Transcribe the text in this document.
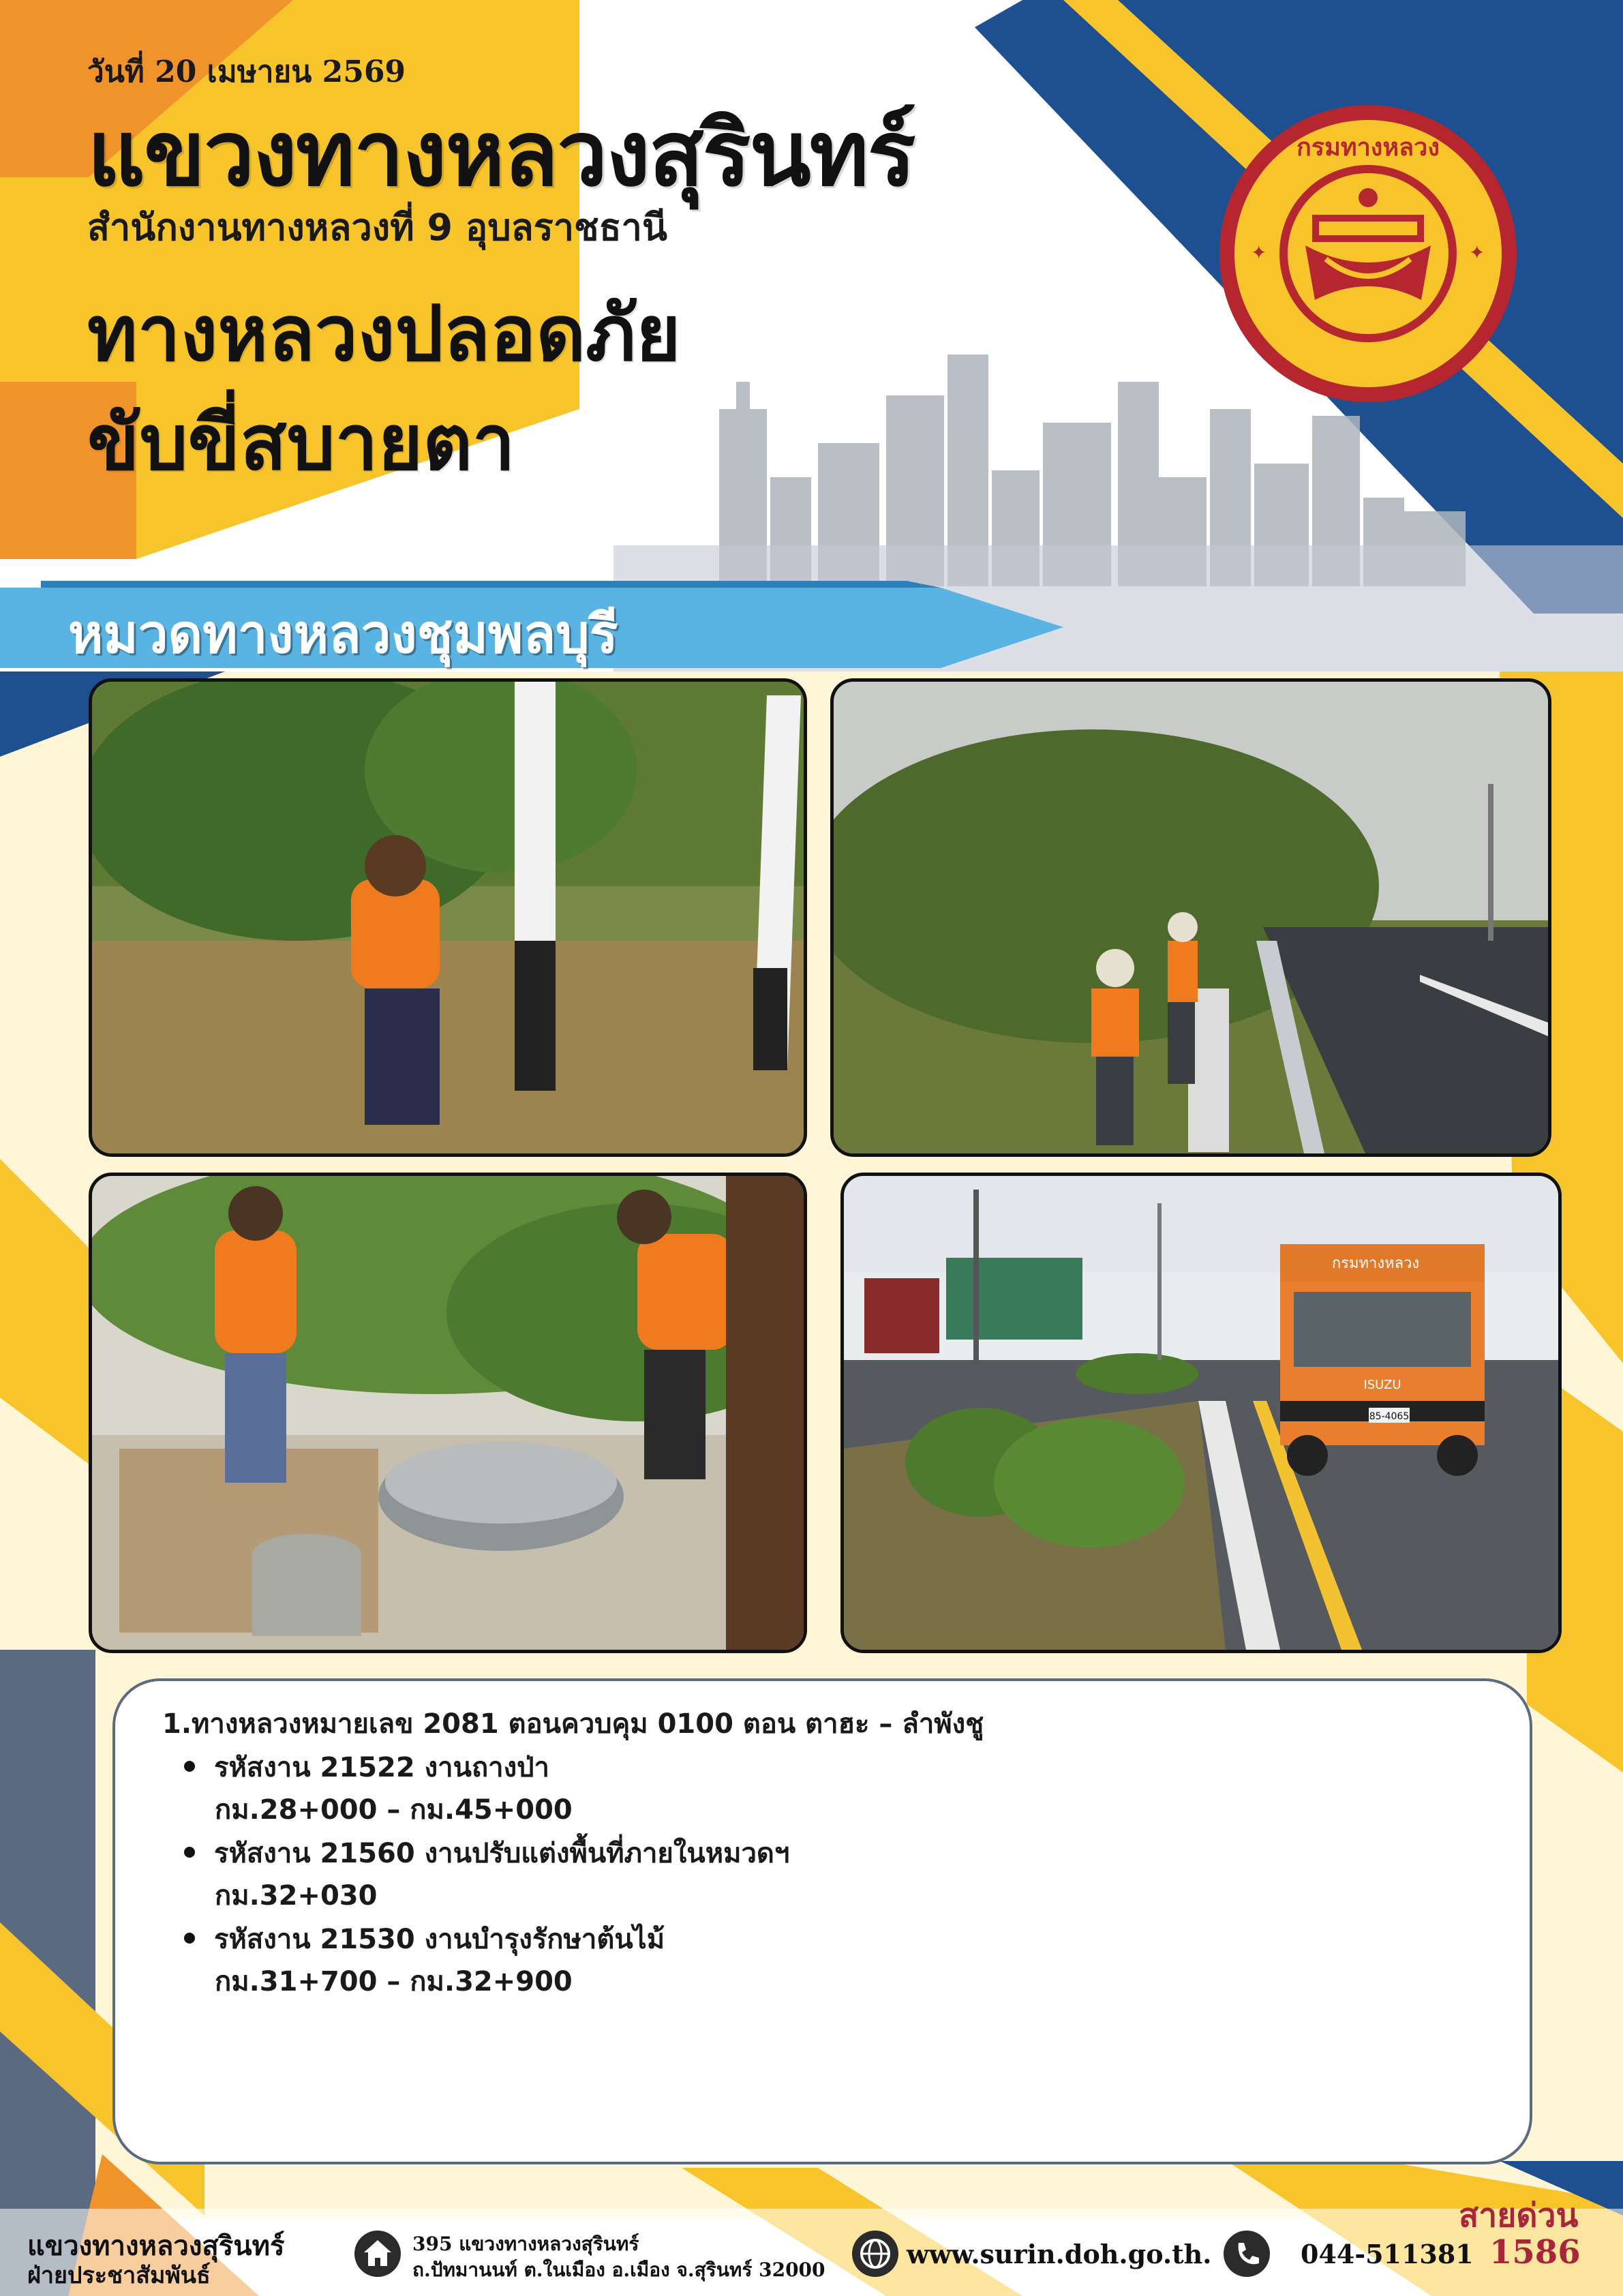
วันที่ 20 เมษายน 2569
แขวงทางหลวงสุรินทร์
สำนักงานทางหลวงที่ 9 อุบลราชธานี
ทางหลวงปลอดภัย
ขับขี่สบายตา
กรมทางหลวง
✦	✦
หมวดทางหลวงชุมพลบุรี
กรมทางหลวง
ISUZU
85-4065
1.ทางหลวงหมายเลข 2081 ตอนควบคุม 0100 ตอน ตาฮะ – ลำพังชู
รหัสงาน 21522 งานถางป่า
กม.28+000 – กม.45+000
รหัสงาน 21560 งานปรับแต่งพื้นที่ภายในหมวดฯ
กม.32+030
รหัสงาน 21530 งานบำรุงรักษาต้นไม้
กม.31+700 – กม.32+900
แขวงทางหลวงสุรินทร์
ฝ่ายประชาสัมพันธ์
395 แขวงทางหลวงสุรินทร์
ถ.ปัทมานนท์ ต.ในเมือง อ.เมือง จ.สุรินทร์ 32000
www.surin.doh.go.th.	044-511381
สายด่วน
1586
